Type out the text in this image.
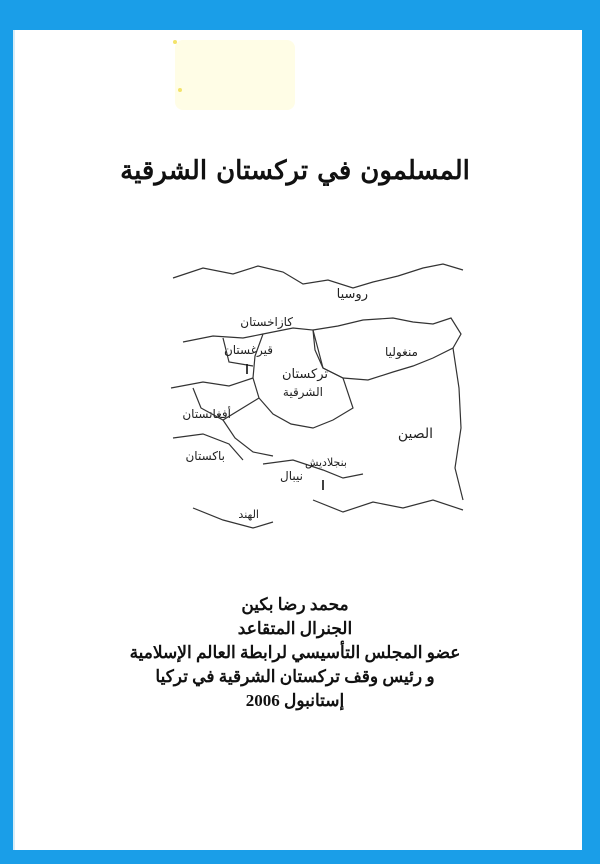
المسلمون في تركستان الشرقية
روسيا
كازاخستان
قيرغستان	منغوليا
تركستان
الشرقية
أفغانستان
الصين
باكستان	بنجلاديش
نيبال
الهند
محمد رضا بكين
الجنرال المتقاعد
عضو المجلس التأسيسي لرابطة العالم الإسلامية
و رئيس وقف تركستان الشرقية في تركيا
إستانبول 2006
